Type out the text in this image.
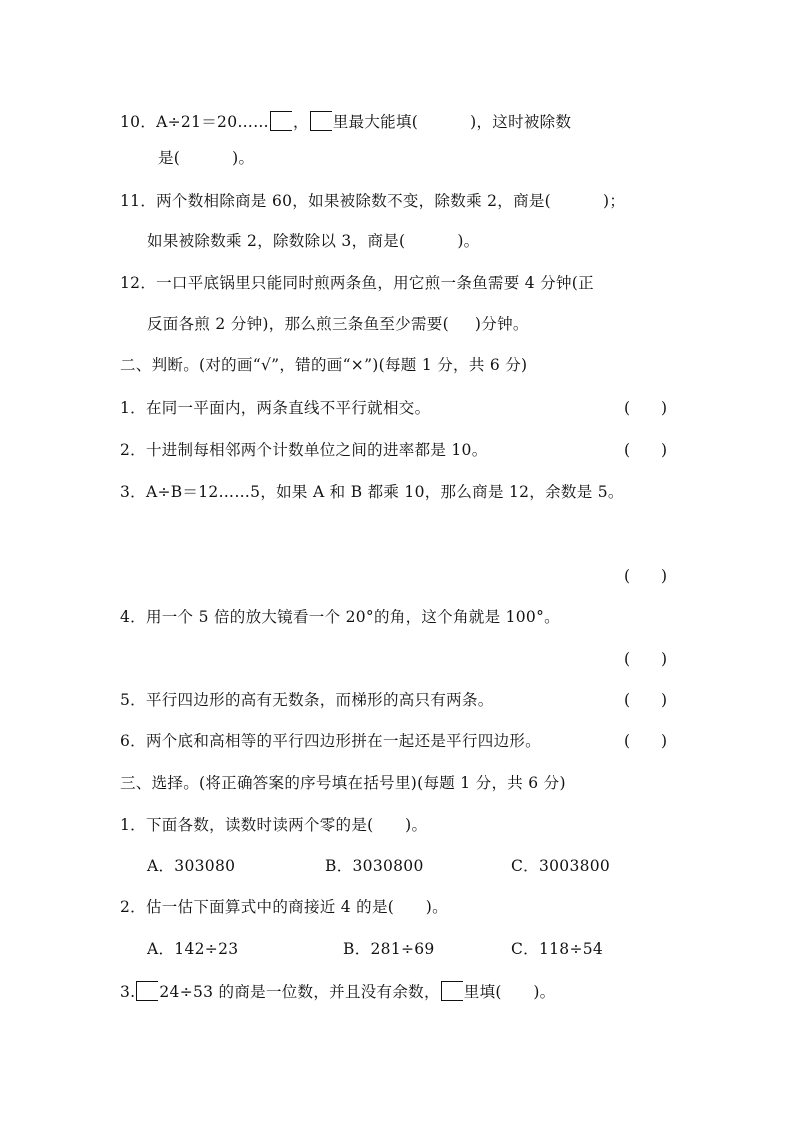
10．A÷21＝20…… ， 里最大能填(	)，这时被除数
是(	)。
11．两个数相除商是 60，如果被除数不变，除数乘 2，商是(	)；
如果被除数乘 2，除数除以 3，商是(	)。
12．一口平底锅里只能同时煎两条鱼，用它煎一条鱼需要 4 分钟(正
反面各煎 2 分钟)，那么煎三条鱼至少需要( )分钟。
二、判断。(对的画“√”，错的画“×”)(每题 1 分，共 6 分)
1．在同一平面内，两条直线不平行就相交。	(　　)
2．十进制每相邻两个计数单位之间的进率都是 10。	(　　)
3．A÷B＝12……5，如果 A 和 B 都乘 10，那么商是 12，余数是 5。
(　　)
4．用一个 5 倍的放大镜看一个 20°的角，这个角就是 100°。
(　　)
5．平行四边形的高有无数条，而梯形的高只有两条。	(　　)
6．两个底和高相等的平行四边形拼在一起还是平行四边形。	(　　)
三、选择。(将正确答案的序号填在括号里)(每题 1 分，共 6 分)
1．下面各数，读数时读两个零的是(　　)。
A．303080	B．3030800	C．3003800
2．估一估下面算式中的商接近 4 的是(　　)。
A．142÷23	B．281÷69	C．118÷54
3. 24÷53 的商是一位数，并且没有余数， 里填(　　)。
